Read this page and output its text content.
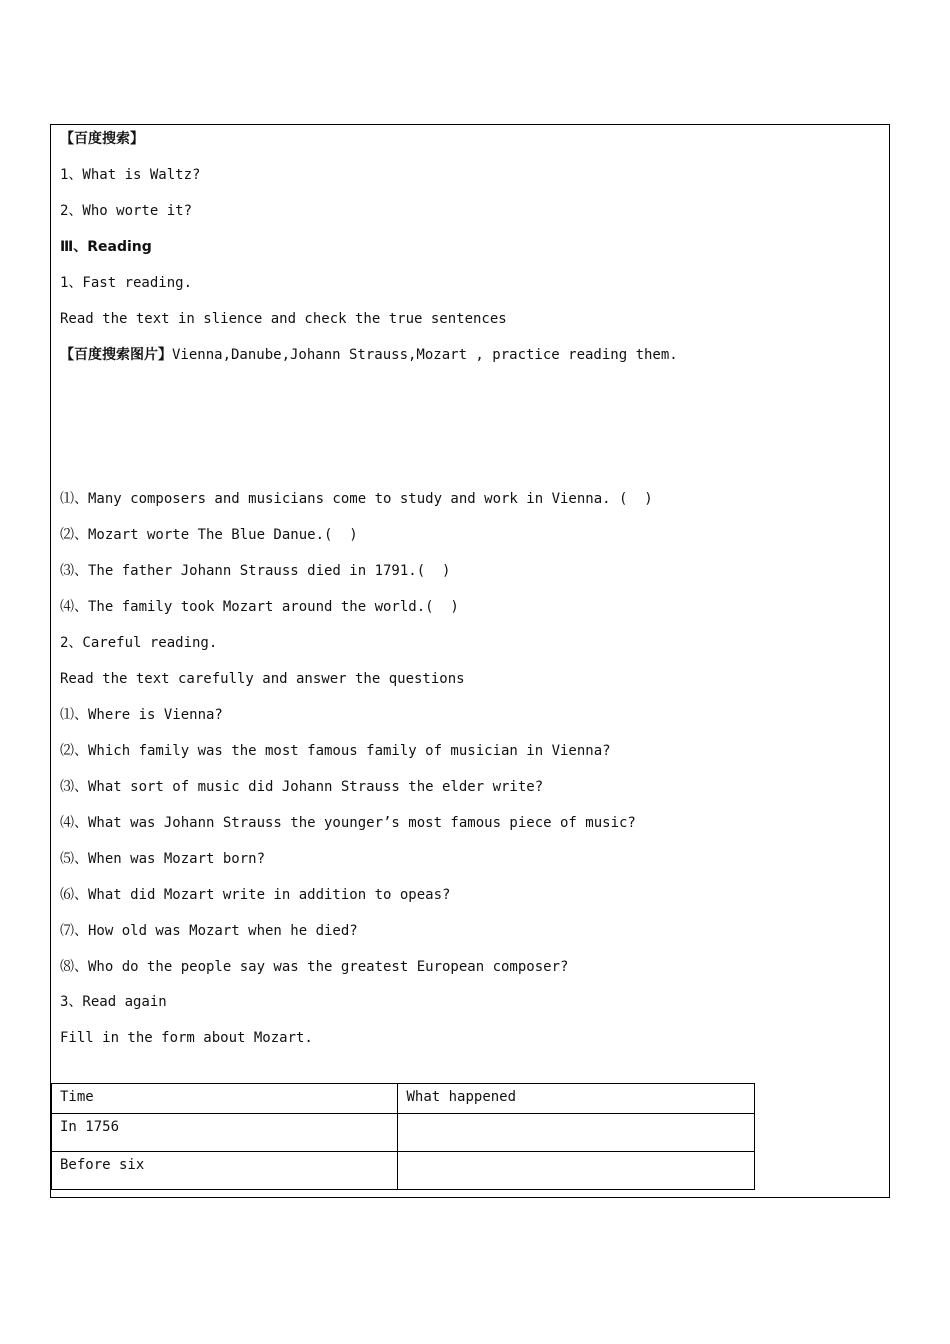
【百度搜索】
1、What is Waltz?
2、Who worte it?
Ⅲ、Reading
1、Fast reading.
Read the text in slience and check the true sentences
【百度搜索图片】Vienna,Danube,Johann Strauss,Mozart , practice reading them.
⑴、Many composers and musicians come to study and work in Vienna. (  )
⑵、Mozart worte The Blue Danue.(  )
⑶、The father Johann Strauss died in 1791.(  )
⑷、The family took Mozart around the world.(  )
2、Careful reading.
Read the text carefully and answer the questions
⑴、Where is Vienna?
⑵、Which family was the most famous family of musician in Vienna?
⑶、What sort of music did Johann Strauss the elder write?
⑷、What was Johann Strauss the younger’s most famous piece of music?
⑸、When was Mozart born?
⑹、What did Mozart write in addition to opeas?
⑺、How old was Mozart when he died?
⑻、Who do the people say was the greatest European composer?
3、Read again
Fill in the form about Mozart.
Time	What happened
In 1756	
Before six	
